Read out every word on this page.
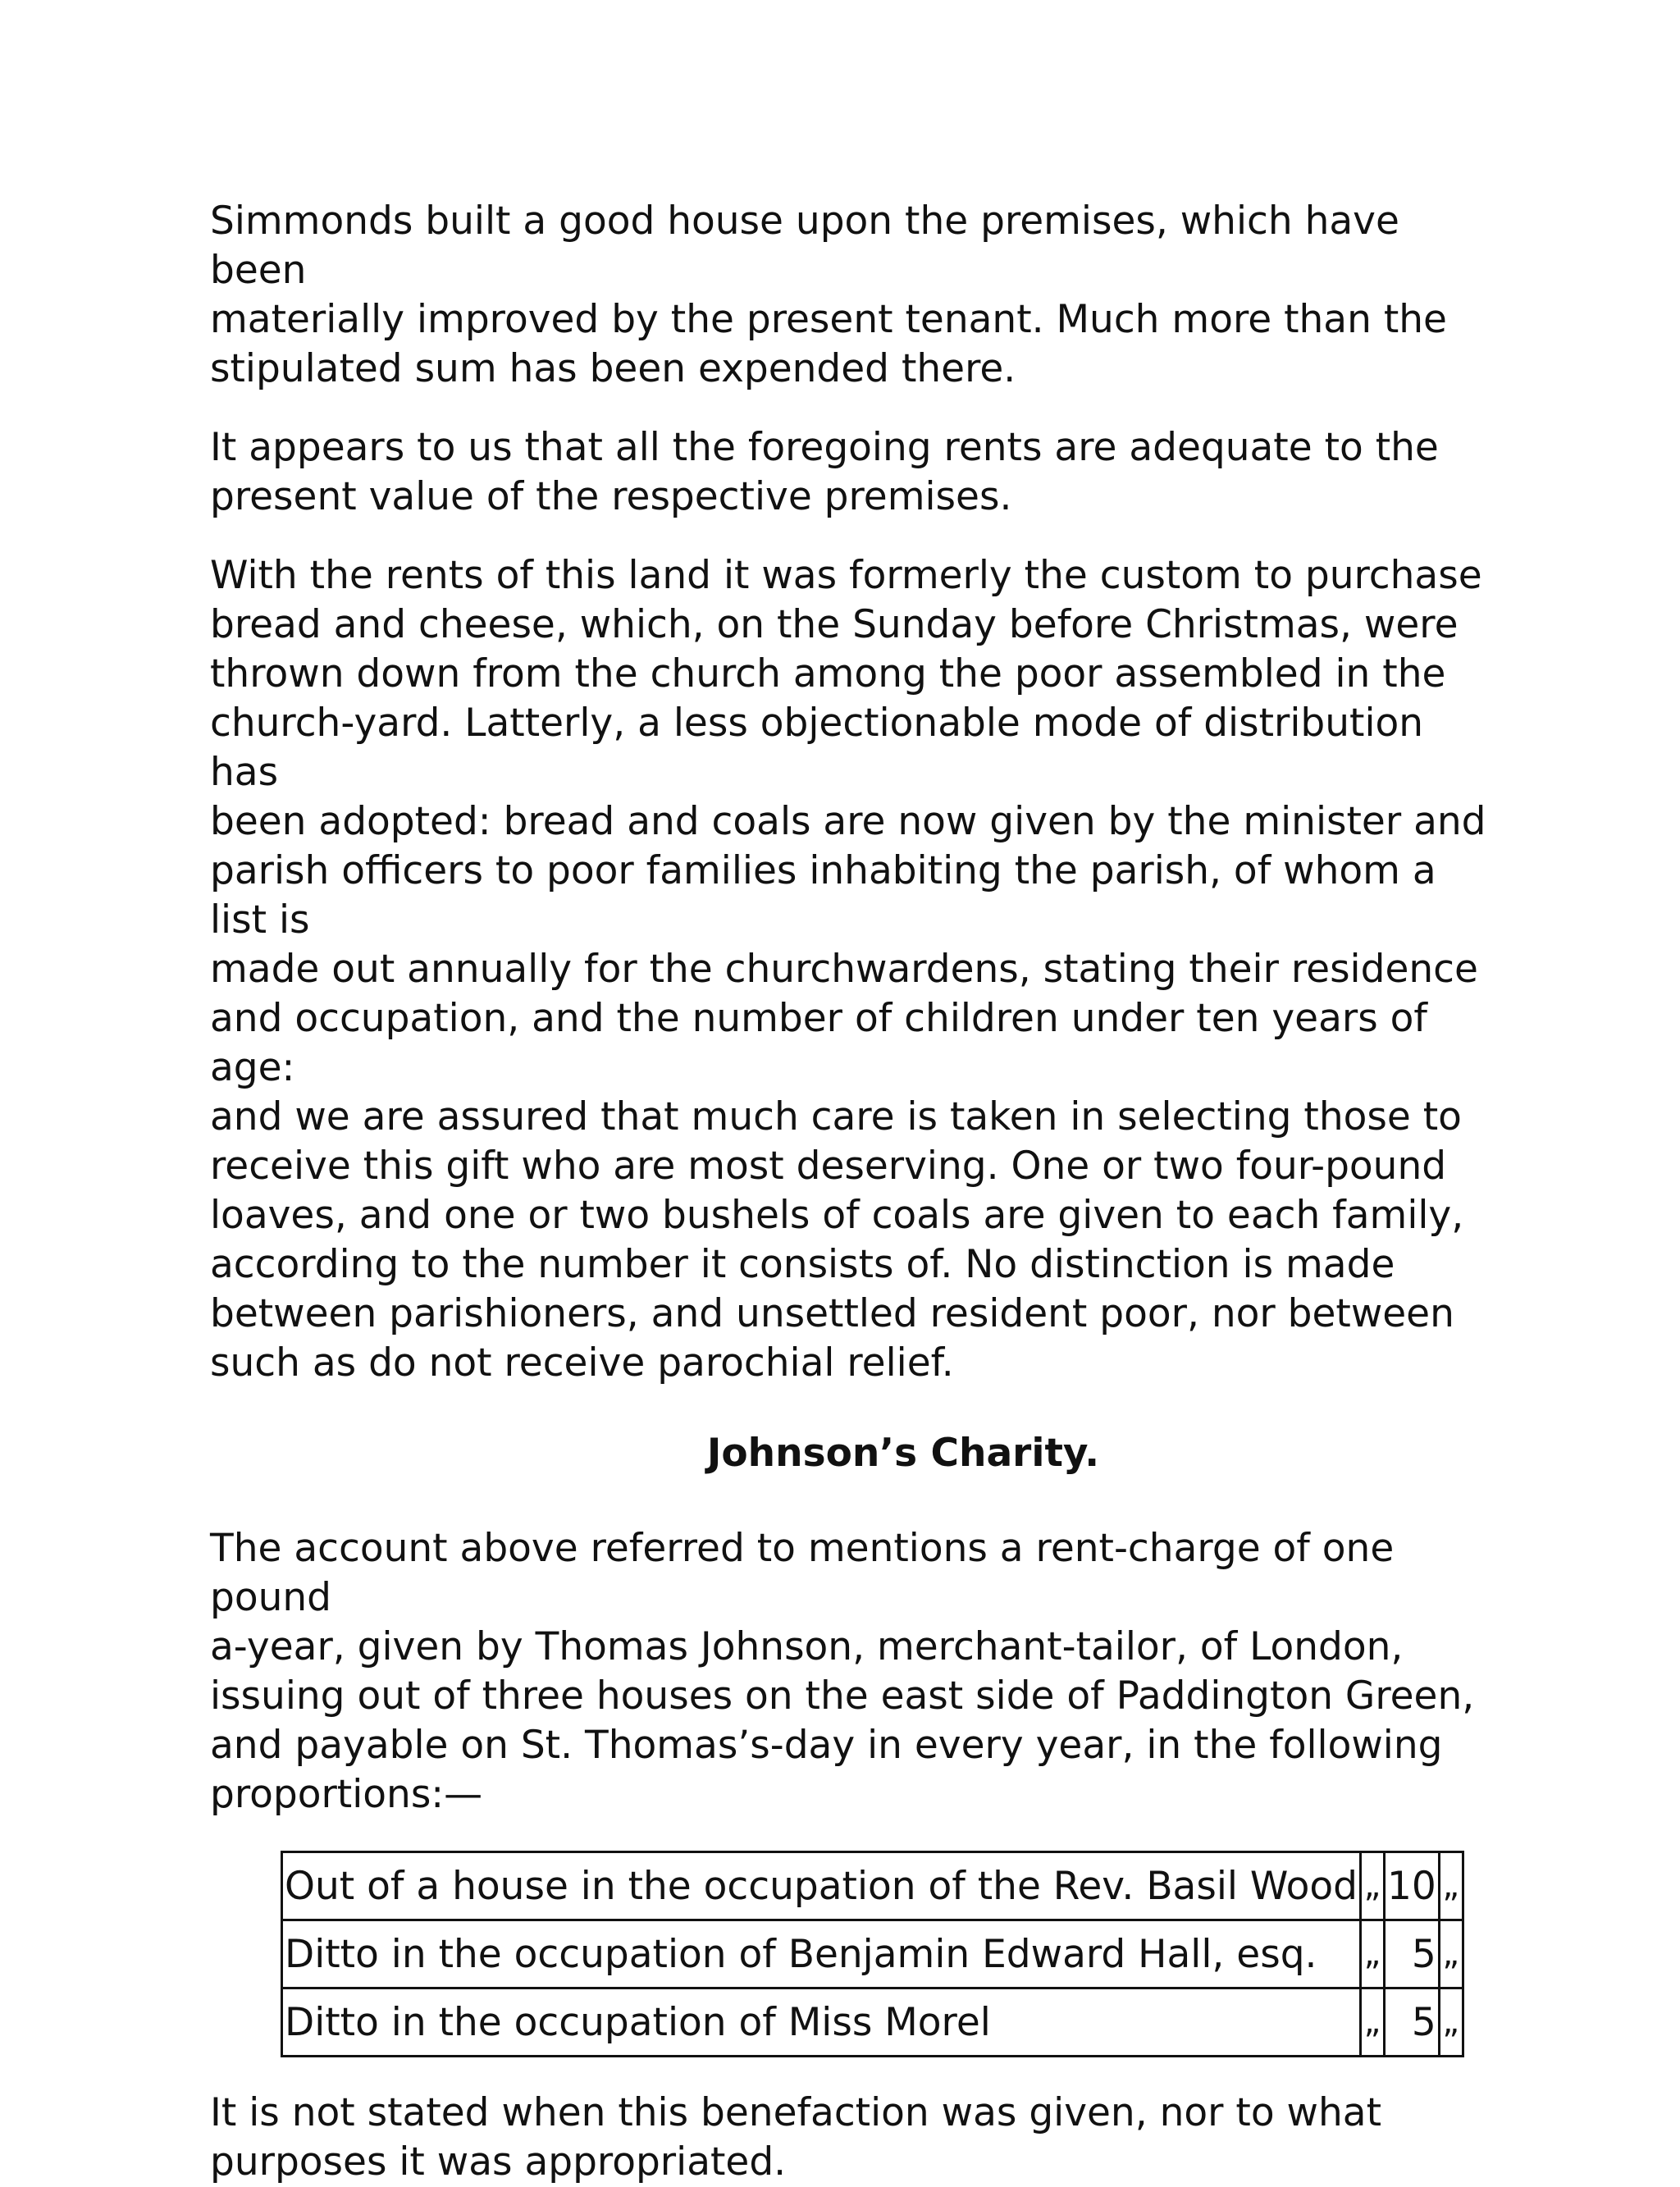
Simmonds built a good house upon the premises, which have been
materially improved by the present tenant. Much more than the
stipulated sum has been expended there.

It appears to us that all the foregoing rents are adequate to the
present value of the respective premises.

With the rents of this land it was formerly the custom to purchase
bread and cheese, which, on the Sunday before Christmas, were
thrown down from the church among the poor assembled in the
church-yard. Latterly, a less objectionable mode of distribution has
been adopted: bread and coals are now given by the minister and
parish officers to poor families inhabiting the parish, of whom a list is
made out annually for the churchwardens, stating their residence
and occupation, and the number of children under ten years of age:
and we are assured that much care is taken in selecting those to
receive this gift who are most deserving. One or two four-pound
loaves, and one or two bushels of coals are given to each family,
according to the number it consists of. No distinction is made
between parishioners, and unsettled resident poor, nor between
such as do not receive parochial relief.

Johnson’s Charity.

The account above referred to mentions a rent-charge of one pound
a-year, given by Thomas Johnson, merchant-tailor, of London,
issuing out of three houses on the east side of Paddington Green,
and payable on St. Thomas’s-day in every year, in the following
proportions:—

Out of a house in the occupation of the Rev. Basil Wood	„	10	„
Ditto in the occupation of Benjamin Edward Hall, esq.	„	5	„
Ditto in the occupation of Miss Morel	„	5	„

It is not stated when this benefaction was given, nor to what
purposes it was appropriated.
